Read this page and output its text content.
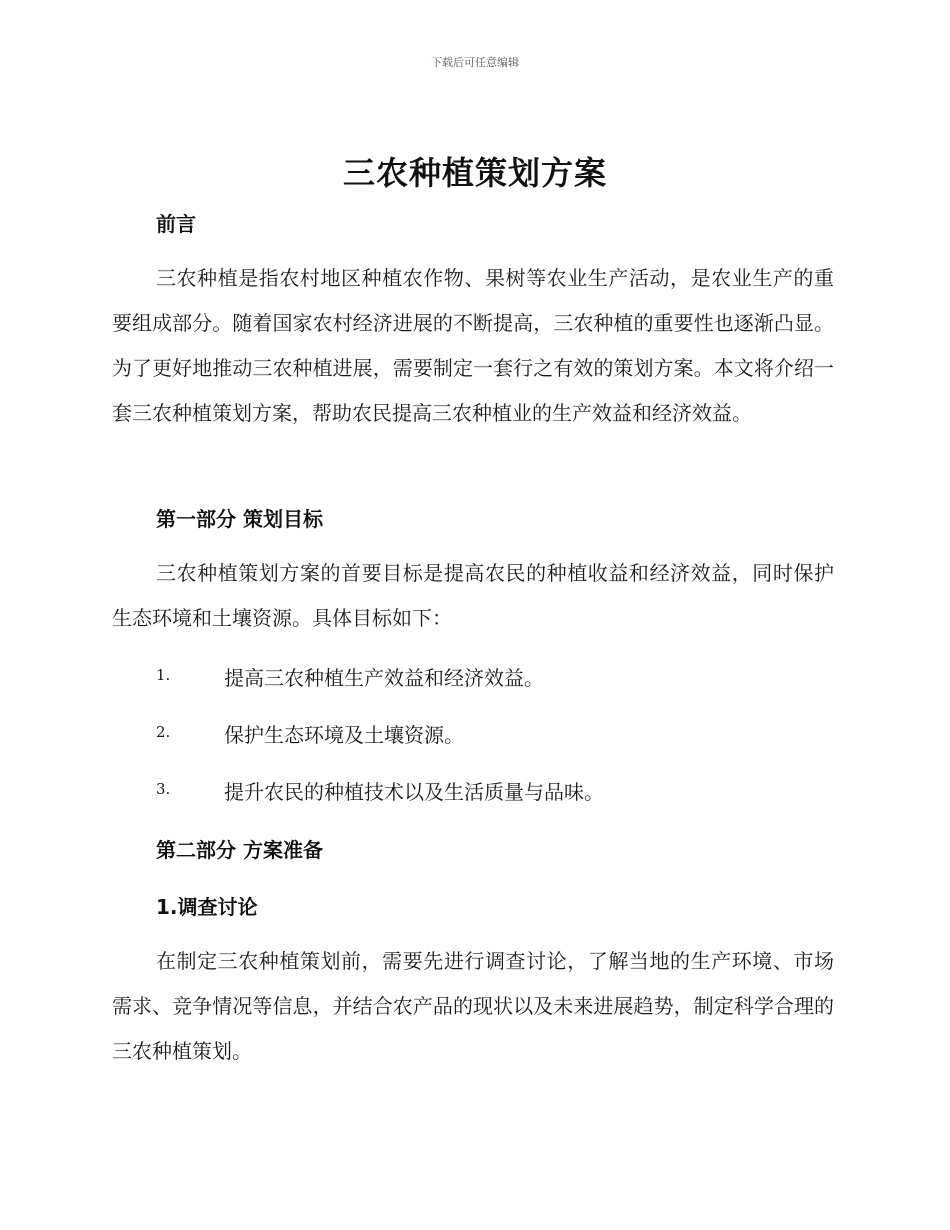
下载后可任意编辑
三农种植策划方案
前言
三农种植是指农村地区种植农作物、果树等农业生产活动，是农业生产的重要组成部分。随着国家农村经济进展的不断提高，三农种植的重要性也逐渐凸显。为了更好地推动三农种植进展，需要制定一套行之有效的策划方案。本文将介绍一套三农种植策划方案，帮助农民提高三农种植业的生产效益和经济效益。
第一部分 策划目标
三农种植策划方案的首要目标是提高农民的种植收益和经济效益，同时保护生态环境和土壤资源。具体目标如下：
1.	提高三农种植生产效益和经济效益。
2.	保护生态环境及土壤资源。
3.	提升农民的种植技术以及生活质量与品味。
第二部分 方案准备
1.调查讨论
在制定三农种植策划前，需要先进行调查讨论，了解当地的生产环境、市场需求、竞争情况等信息，并结合农产品的现状以及未来进展趋势，制定科学合理的三农种植策划。
